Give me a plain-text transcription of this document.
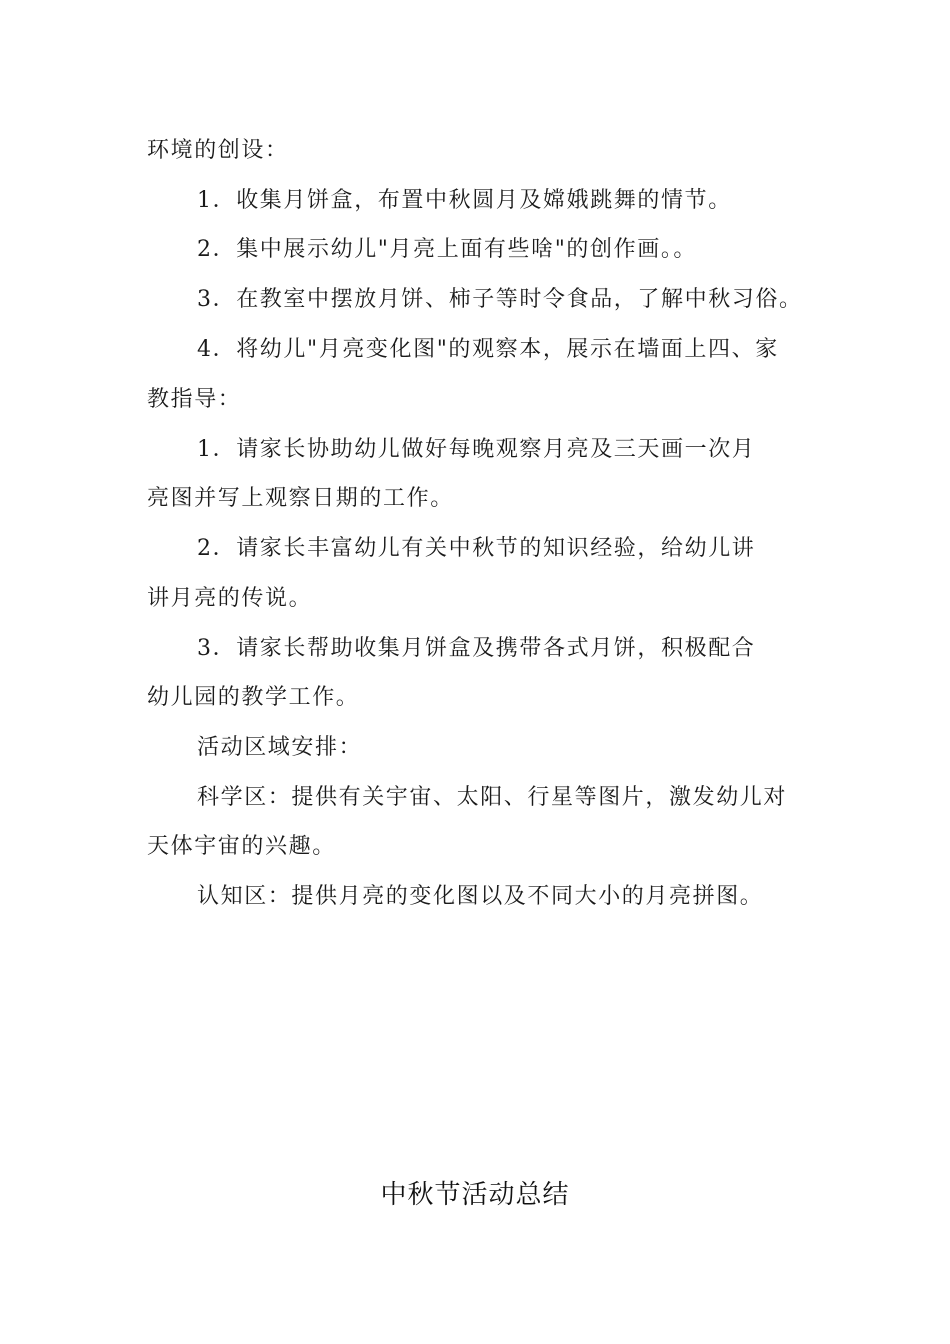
环境的创设：
1．收集月饼盒，布置中秋圆月及嫦娥跳舞的情节。
2．集中展示幼儿"月亮上面有些啥"的创作画。。
3．在教室中摆放月饼、柿子等时令食品，了解中秋习俗。
4．将幼儿"月亮变化图"的观察本，展示在墙面上四、家
教指导：
1．请家长协助幼儿做好每晚观察月亮及三天画一次月
亮图并写上观察日期的工作。
2．请家长丰富幼儿有关中秋节的知识经验，给幼儿讲
讲月亮的传说。
3．请家长帮助收集月饼盒及携带各式月饼，积极配合
幼儿园的教学工作。
活动区域安排：
科学区：提供有关宇宙、太阳、行星等图片，激发幼儿对
天体宇宙的兴趣。
认知区：提供月亮的变化图以及不同大小的月亮拼图。
中秋节活动总结
